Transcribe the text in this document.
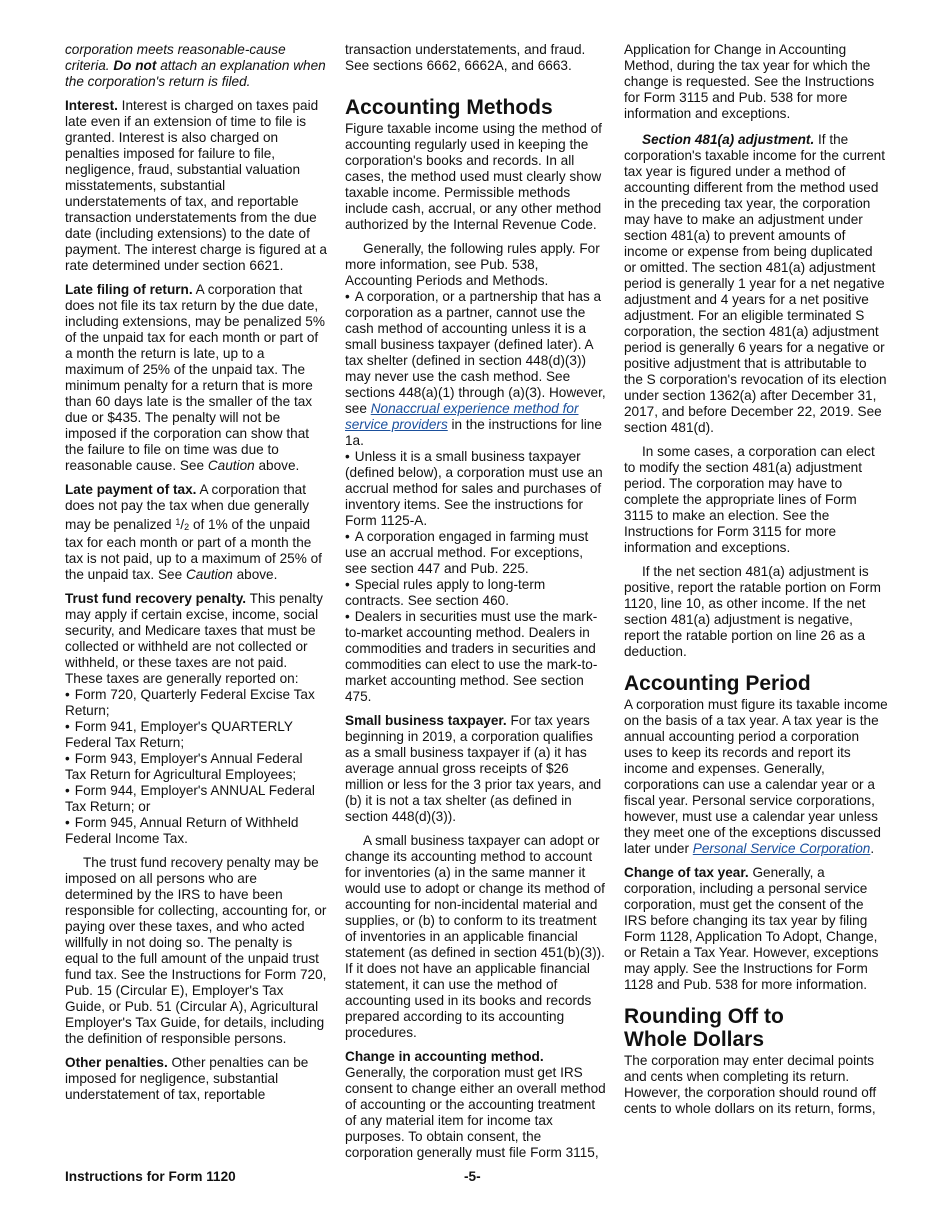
corporation meets reasonable-cause criteria. Do not attach an explanation when the corporation's return is filed.

Interest. Interest is charged on taxes paid late even if an extension of time to file is granted. Interest is also charged on penalties imposed for failure to file, negligence, fraud, substantial valuation misstatements, substantial understatements of tax, and reportable transaction understatements from the due date (including extensions) to the date of payment. The interest charge is figured at a rate determined under section 6621.

Late filing of return. A corporation that does not file its tax return by the due date, including extensions, may be penalized 5% of the unpaid tax for each month or part of a month the return is late, up to a maximum of 25% of the unpaid tax. The minimum penalty for a return that is more than 60 days late is the smaller of the tax due or $435. The penalty will not be imposed if the corporation can show that the failure to file on time was due to reasonable cause. See Caution above.

Late payment of tax. A corporation that does not pay the tax when due generally may be penalized $^1/_2$ of 1% of the unpaid tax for each month or part of a month the tax is not paid, up to a maximum of 25% of the unpaid tax. See Caution above.

Trust fund recovery penalty. This penalty may apply if certain excise, income, social security, and Medicare taxes that must be collected or withheld are not collected or withheld, or these taxes are not paid. These taxes are generally reported on:

• Form 720, Quarterly Federal Excise Tax Return;

• Form 941, Employer's QUARTERLY Federal Tax Return;

• Form 943, Employer's Annual Federal Tax Return for Agricultural Employees;

• Form 944, Employer's ANNUAL Federal Tax Return; or

• Form 945, Annual Return of Withheld Federal Income Tax.

The trust fund recovery penalty may be imposed on all persons who are determined by the IRS to have been responsible for collecting, accounting for, or paying over these taxes, and who acted willfully in not doing so. The penalty is equal to the full amount of the unpaid trust fund tax. See the Instructions for Form 720, Pub. 15 (Circular E), Employer's Tax Guide, or Pub. 51 (Circular A), Agricultural Employer's Tax Guide, for details, including the definition of responsible persons.

Other penalties. Other penalties can be imposed for negligence, substantial understatement of tax, reportable

transaction understatements, and fraud. See sections 6662, 6662A, and 6663.

Accounting Methods

Figure taxable income using the method of accounting regularly used in keeping the corporation's books and records. In all cases, the method used must clearly show taxable income. Permissible methods include cash, accrual, or any other method authorized by the Internal Revenue Code.

Generally, the following rules apply. For more information, see Pub. 538, Accounting Periods and Methods.

• A corporation, or a partnership that has a corporation as a partner, cannot use the cash method of accounting unless it is a small business taxpayer (defined later). A tax shelter (defined in section 448(d)(3)) may never use the cash method. See sections 448(a)(1) through (a)(3). However, see Nonaccrual experience method for service providers in the instructions for line 1a.

• Unless it is a small business taxpayer (defined below), a corporation must use an accrual method for sales and purchases of inventory items. See the instructions for Form 1125-A.

• A corporation engaged in farming must use an accrual method. For exceptions, see section 447 and Pub. 225.

• Special rules apply to long-term contracts. See section 460.

• Dealers in securities must use the mark-to-market accounting method. Dealers in commodities and traders in securities and commodities can elect to use the mark-to-market accounting method. See section 475.

Small business taxpayer. For tax years beginning in 2019, a corporation qualifies as a small business taxpayer if (a) it has average annual gross receipts of $26 million or less for the 3 prior tax years, and (b) it is not a tax shelter (as defined in section 448(d)(3)).

A small business taxpayer can adopt or change its accounting method to account for inventories (a) in the same manner it would use to adopt or change its method of accounting for non-incidental material and supplies, or (b) to conform to its treatment of inventories in an applicable financial statement (as defined in section 451(b)(3)). If it does not have an applicable financial statement, it can use the method of accounting used in its books and records prepared according to its accounting procedures.

Change in accounting method.
Generally, the corporation must get IRS consent to change either an overall method of accounting or the accounting treatment of any material item for income tax purposes. To obtain consent, the corporation generally must file Form 3115,

Application for Change in Accounting Method, during the tax year for which the change is requested. See the Instructions for Form 3115 and Pub. 538 for more information and exceptions.

Section 481(a) adjustment. If the corporation's taxable income for the current tax year is figured under a method of accounting different from the method used in the preceding tax year, the corporation may have to make an adjustment under section 481(a) to prevent amounts of income or expense from being duplicated or omitted. The section 481(a) adjustment period is generally 1 year for a net negative adjustment and 4 years for a net positive adjustment. For an eligible terminated S corporation, the section 481(a) adjustment period is generally 6 years for a negative or positive adjustment that is attributable to the S corporation's revocation of its election under section 1362(a) after December 31, 2017, and before December 22, 2019. See section 481(d).

In some cases, a corporation can elect to modify the section 481(a) adjustment period. The corporation may have to complete the appropriate lines of Form 3115 to make an election. See the Instructions for Form 3115 for more information and exceptions.

If the net section 481(a) adjustment is positive, report the ratable portion on Form 1120, line 10, as other income. If the net section 481(a) adjustment is negative, report the ratable portion on line 26 as a deduction.

Accounting Period

A corporation must figure its taxable income on the basis of a tax year. A tax year is the annual accounting period a corporation uses to keep its records and report its income and expenses. Generally, corporations can use a calendar year or a fiscal year. Personal service corporations, however, must use a calendar year unless they meet one of the exceptions discussed later under Personal Service Corporation.

Change of tax year. Generally, a corporation, including a personal service corporation, must get the consent of the IRS before changing its tax year by filing Form 1128, Application To Adopt, Change, or Retain a Tax Year. However, exceptions may apply. See the Instructions for Form 1128 and Pub. 538 for more information.

Rounding Off to
Whole Dollars

The corporation may enter decimal points and cents when completing its return. However, the corporation should round off cents to whole dollars on its return, forms,

Instructions for Form 1120	-5-
